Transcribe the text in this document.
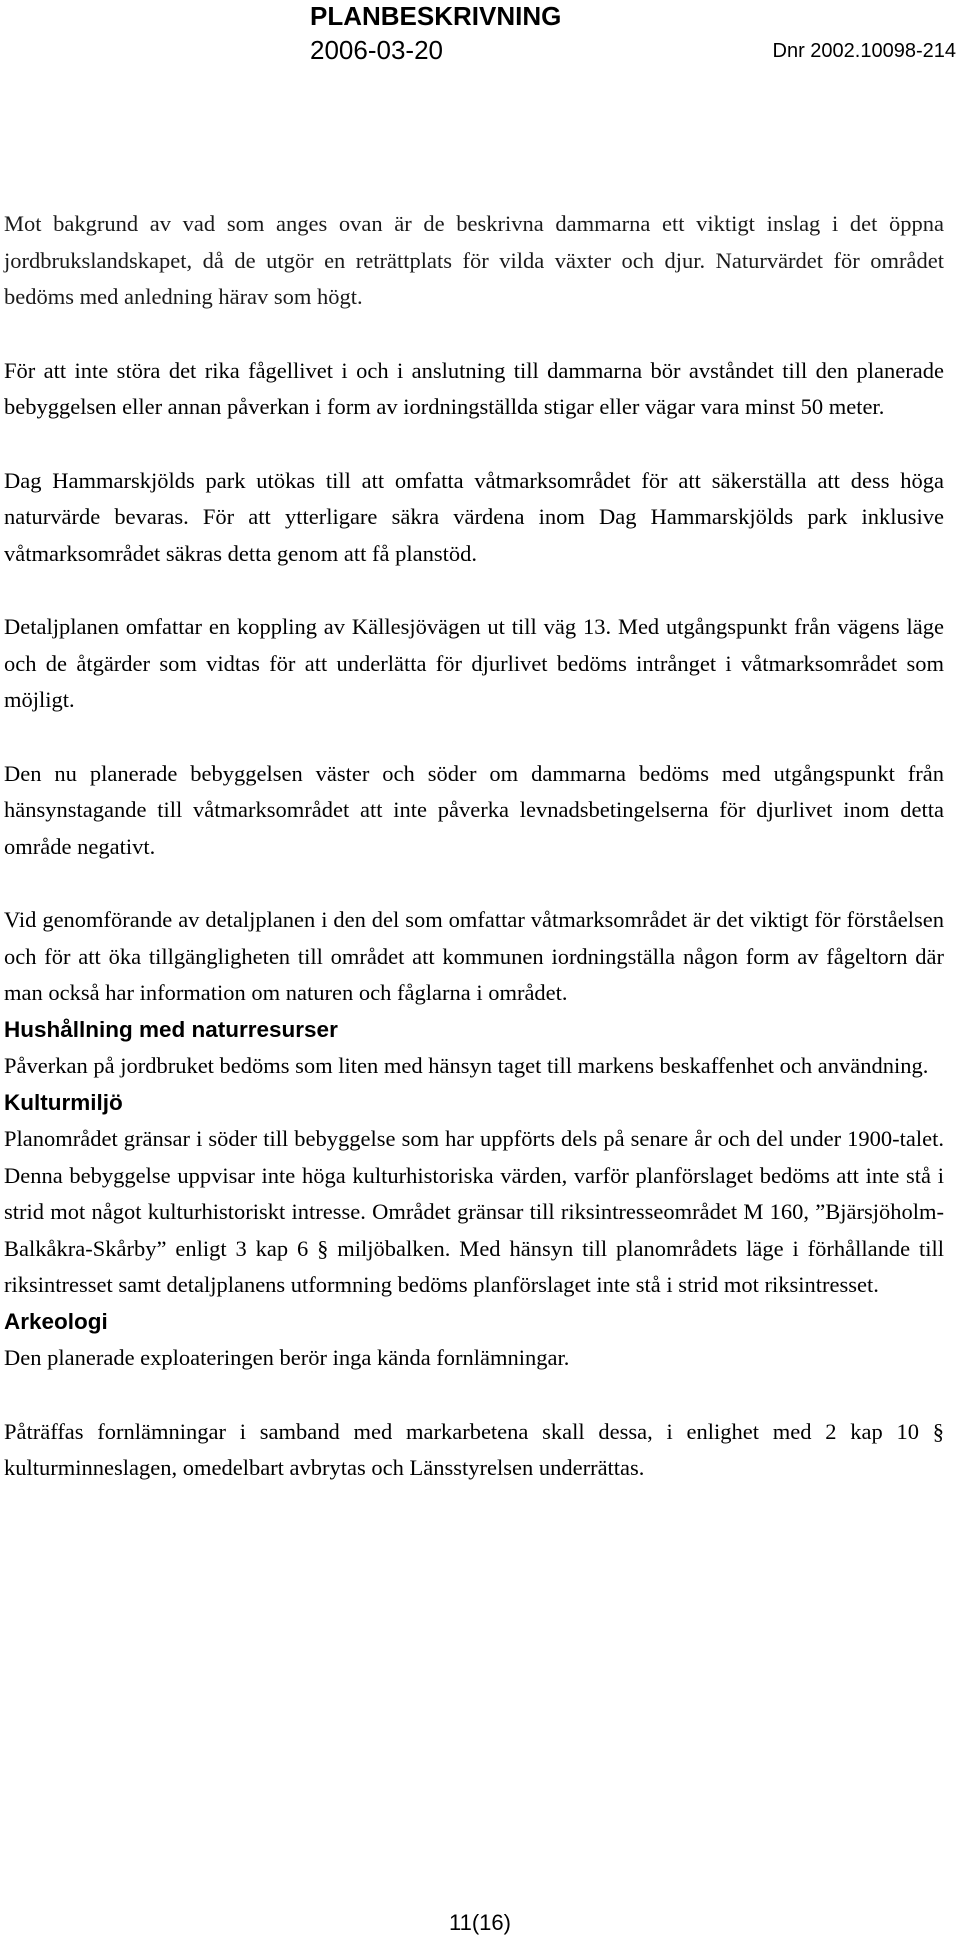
PLANBESKRIVNING
2006-03-20	Dnr 2002.10098-214

Mot bakgrund av vad som anges ovan är de beskrivna dammarna ett viktigt inslag i det öppna jordbrukslandskapet, då de utgör en reträttplats för vilda växter och djur. Naturvärdet för området bedöms med anledning härav som högt.

För att inte störa det rika fågellivet i och i anslutning till dammarna bör avståndet till den planerade bebyggelsen eller annan påverkan i form av iordningställda stigar eller vägar vara minst 50 meter.

Dag Hammarskjölds park utökas till att omfatta våtmarksområdet för att säkerställa att dess höga naturvärde bevaras. För att ytterligare säkra värdena inom Dag Hammarskjölds park inklusive våtmarksområdet säkras detta genom att få planstöd.

Detaljplanen omfattar en koppling av Källesjövägen ut till väg 13. Med utgångspunkt från vägens läge och de åtgärder som vidtas för att underlätta för djurlivet bedöms intrånget i våtmarksområdet som möjligt.

Den nu planerade bebyggelsen väster och söder om dammarna bedöms med utgångspunkt från hänsynstagande till våtmarksområdet att inte påverka levnadsbetingelserna för djurlivet inom detta område negativt.

Vid genomförande av detaljplanen i den del som omfattar våtmarksområdet är det viktigt för förståelsen och för att öka tillgängligheten till området att kommunen iordningställa någon form av fågeltorn där man också har information om naturen och fåglarna i området.

Hushållning med naturresurser

Påverkan på jordbruket bedöms som liten med hänsyn taget till markens beskaffenhet och användning.

Kulturmiljö

Planområdet gränsar i söder till bebyggelse som har uppförts dels på senare år och del under 1900-talet. Denna bebyggelse uppvisar inte höga kulturhistoriska värden, varför planförslaget bedöms att inte stå i strid mot något kulturhistoriskt intresse. Området gränsar till riksintresseområdet M 160, ”Bjärsjöholm-Balkåkra-Skårby” enligt 3 kap 6 § miljöbalken. Med hänsyn till planområdets läge i förhållande till riksintresset samt detaljplanens utformning bedöms planförslaget inte stå i strid mot riksintresset.

Arkeologi

Den planerade exploateringen berör inga kända fornlämningar.

Påträffas fornlämningar i samband med markarbetena skall dessa, i enlighet med 2 kap 10 § kulturminneslagen, omedelbart avbrytas och Länsstyrelsen underrättas.

11(16)
